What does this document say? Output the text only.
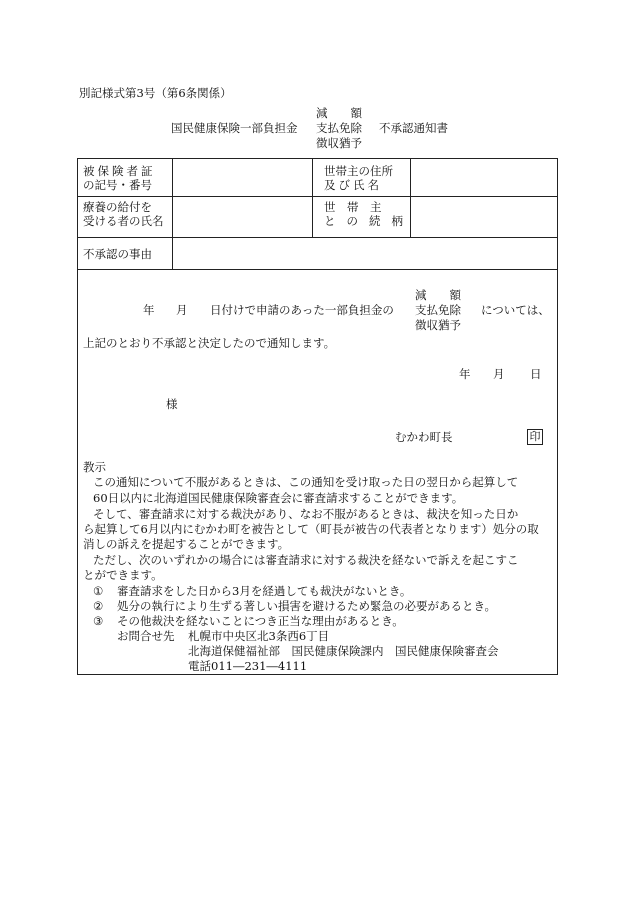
別記様式第3号（第6条関係）
国民健康保険一部負担金
減　　額
支払免除
徴収猶予
不承認通知書
被保険者証
の記号・番号
世帯主の住所
及び氏名
療養の給付を
受ける者の氏名
世　帯　主
との続柄
不承認の事由
年 月 日付けで申請のあった一部負担金の
減　　額
支払免除
徴収猶予
については、
上記のとおり不承認と決定したので通知します。
年 月 日
様
むかわ町長	印
教示
この通知について不服があるときは、この通知を受け取った日の翌日から起算して
60日以内に北海道国民健康保険審査会に審査請求することができます。
そして、審査請求に対する裁決があり、なお不服があるときは、裁決を知った日か
ら起算して6月以内にむかわ町を被告として（町長が被告の代表者となります）処分の取
消しの訴えを提起することができます。
ただし、次のいずれかの場合には審査請求に対する裁決を経ないで訴えを起こすこ
とができます。
① 審査請求をした日から3月を経過しても裁決がないとき。
② 処分の執行により生ずる著しい損害を避けるため緊急の必要があるとき。
③ その他裁決を経ないことにつき正当な理由があるとき。
お問合せ先 札幌市中央区北3条西6丁目
北海道保健福祉部　国民健康保険課内　国民健康保険審査会
電話011―231―4111
